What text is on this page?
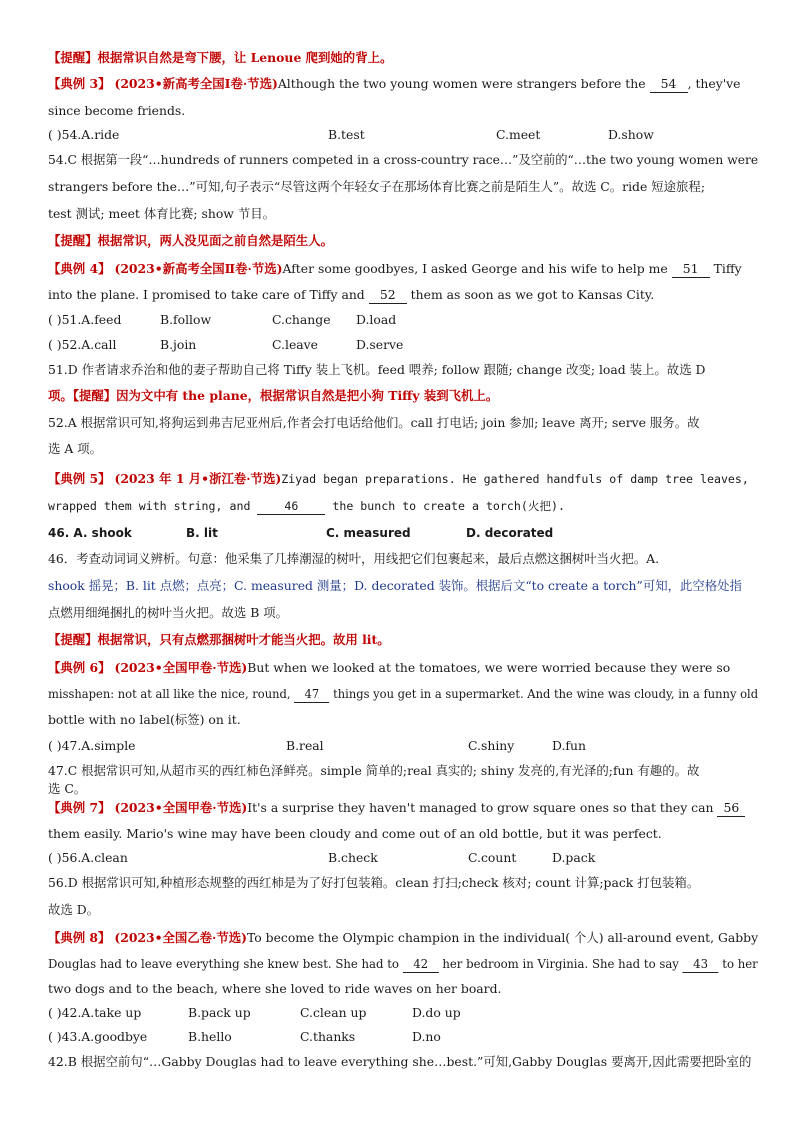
【提醒】根据常识自然是弯下腰，让 Lenoue 爬到她的背上。
【典例 3】 (2023•新高考全国Ⅰ卷·节选)Although the two young women were strangers before the 54 , they've
since become friends.
( )54.A.ride	B.test	C.meet	D.show
54.C 根据第一段“…hundreds of runners competed in a cross-country race…”及空前的“…the two young women were
strangers before the…”可知,句子表示“尽管这两个年轻女子在那场体育比赛之前是陌生人”。故选 C。ride 短途旅程;
test 测试; meet 体育比赛; show 节目。
【提醒】根据常识，两人没见面之前自然是陌生人。
【典例 4】 (2023•新高考全国Ⅱ卷·节选)After some goodbyes, I asked George and his wife to help me 51 Tiffy
into the plane. I promised to take care of Tiffy and 52 them as soon as we got to Kansas City.
( )51.A.feed	B.follow	C.change D.load
( )52.A.call	B.join	C.leave	D.serve
51.D 作者请求乔治和他的妻子帮助自己将 Tiffy 装上飞机。feed 喂养; follow 跟随; change 改变; load 装上。故选 D
项。【提醒】因为文中有 the plane，根据常识自然是把小狗 Tiffy 装到飞机上。
52.A 根据常识可知,将狗运到弗吉尼亚州后,作者会打电话给他们。call 打电话; join 参加; leave 离开; serve 服务。故
选 A 项。
【典例 5】 (2023 年 1 月•浙江卷·节选)Ziyad began preparations. He gathered handfuls of damp tree leaves,
wrapped them with string, and	46	the bunch to create a torch(火把).
46. A. shook	B. lit	C. measured	D. decorated
46．考查动词词义辨析。句意：他采集了几捧潮湿的树叶，用线把它们包裹起来，最后点燃这捆树叶当火把。A.
shook 摇晃；B. lit 点燃；点亮；C. measured 测量；D. decorated 装饰。根据后文“to create a torch”可知，此空格处指
点燃用细绳捆扎的树叶当火把。故选 B 项。
【提醒】根据常识，只有点燃那捆树叶才能当火把。故用 lit。
【典例 6】 (2023•全国甲卷·节选)But when we looked at the tomatoes, we were worried because they were so
misshapen: not at all like the nice, round, 47 things you get in a supermarket. And the wine was cloudy, in a funny old
bottle with no label(标签) on it.
( )47.A.simple	B.real	C.shiny	D.fun
47.C 根据常识可知,从超市买的西红柿色泽鲜亮。simple 简单的;real 真实的; shiny 发亮的,有光泽的;fun 有趣的。故
选 C。
【典例 7】 (2023•全国甲卷·节选)It's a surprise they haven't managed to grow square ones so that they can 56
them easily. Mario's wine may have been cloudy and come out of an old bottle, but it was perfect.
( )56.A.clean	B.check	C.count	D.pack
56.D 根据常识可知,种植形态规整的西红柿是为了好打包装箱。clean 打扫;check 核对; count 计算;pack 打包装箱。
故选 D。
【典例 8】 (2023•全国乙卷·节选)To become the Olympic champion in the individual( 个人) all-around event, Gabby
Douglas had to leave everything she knew best. She had to 42 her bedroom in Virginia. She had to say 43 to her
two dogs and to the beach, where she loved to ride waves on her board.
( )42.A.take up	B.pack up	C.clean up	D.do up
( )43.A.goodbye	B.hello	C.thanks	D.no
42.B 根据空前句“…Gabby Douglas had to leave everything she…best.”可知,Gabby Douglas 要离开,因此需要把卧室的
